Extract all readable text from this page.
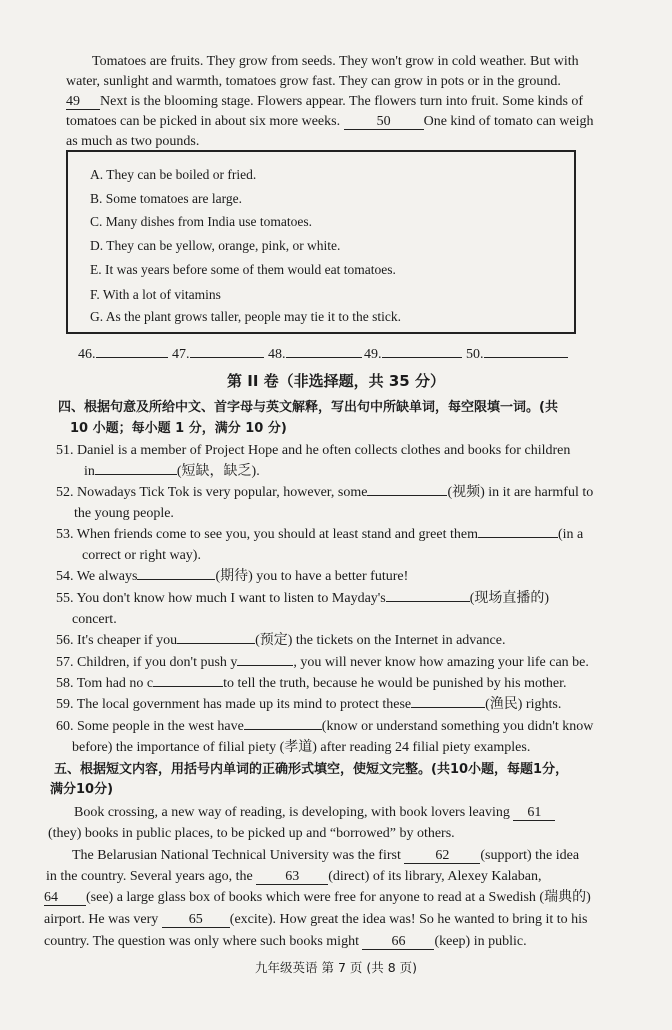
Tomatoes are fruits. They grow from seeds. They won't grow in cold weather. But with
water, sunlight and warmth, tomatoes grow fast. They can grow in pots or in the ground.
49 Next is the blooming stage. Flowers appear. The flowers turn into fruit. Some kinds of
tomatoes can be picked in about six more weeks.	50 One kind of tomato can weigh
as much as two pounds.
A. They can be boiled or fried.
B. Some tomatoes are large.
C. Many dishes from India use tomatoes.
D. They can be yellow, orange, pink, or white.
E. It was years before some of them would eat tomatoes.
F. With a lot of vitamins
G. As the plant grows taller, people may tie it to the stick.
46.	47.	48.	49.	50.
第 II 卷（非选择题，共 35 分）
四、根据句意及所给中文、首字母与英文解释，写出句中所缺单词，每空限填一词。(共
10 小题；每小题 1 分，满分 10 分)
51. Daniel is a member of Project Hope and he often collects clothes and books for children
in	(短缺，缺乏).
52. Nowadays Tick Tok is very popular, however, some	(视频) in it are harmful to
the young people.
53. When friends come to see you, you should at least stand and greet them	(in a
correct or right way).
54. We always	(期待) you to have a better future!
55. You don't know how much I want to listen to Mayday's	(现场直播的)
concert.
56. It's cheaper if you	(预定) the tickets on the Internet in advance.
57. Children, if you don't push y	, you will never know how amazing your life can be.
58. Tom had no c	to tell the truth, because he would be punished by his mother.
59. The local government has made up its mind to protect these	(渔民) rights.
60. Some people in the west have	(know or understand something you didn't know
before) the importance of filial piety (孝道) after reading 24 filial piety examples.
五、根据短文内容，用括号内单词的正确形式填空，使短文完整。(共10小题，每题1分，
满分10分)
Book crossing, a new way of reading, is developing, with book lovers leaving 61
(they) books in public places, to be picked up and “borrowed” by others.
The Belarusian National Technical University was the first 62 (support) the idea
in the country. Several years ago, the 63 (direct) of its library, Alexey Kalaban,
64 (see) a large glass box of books which were free for anyone to read at a Swedish (瑞典的)
airport. He was very 65 (excite). How great the idea was! So he wanted to bring it to his
country. The question was only where such books might 66 (keep) in public.
九年级英语 第 7 页 (共 8 页)
